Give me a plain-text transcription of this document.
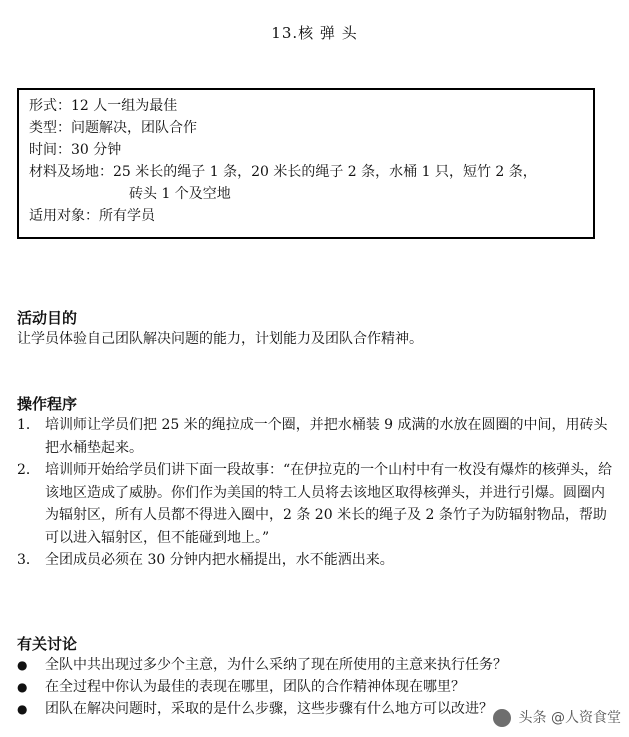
13.核 弹 头
形式：12 人一组为最佳
类型：问题解决，团队合作
时间：30 分钟
材料及场地：25 米长的绳子 1 条，20 米长的绳子 2 条，水桶 1 只，短竹 2 条，
砖头 1 个及空地
适用对象：所有学员
活动目的
让学员体验自己团队解决问题的能力，计划能力及团队合作精神。
操作程序
1． 培训师让学员们把 25 米的绳拉成一个圈，并把水桶装 9 成满的水放在圆圈的中间，用砖头把水桶垫起来。
2． 培训师开始给学员们讲下面一段故事：“在伊拉克的一个山村中有一枚没有爆炸的核弹头，给该地区造成了威胁。你们作为美国的特工人员将去该地区取得核弹头，并进行引爆。圆圈内为辐射区，所有人员都不得进入圈中，2 条 20 米长的绳子及 2 条竹子为防辐射物品，帮助可以进入辐射区，但不能碰到地上。”
3． 全团成员必须在 30 分钟内把水桶提出，水不能洒出来。
有关讨论
● 全队中共出现过多少个主意，为什么采纳了现在所使用的主意来执行任务？
● 在全过程中你认为最佳的表现在哪里，团队的合作精神体现在哪里？
● 团队在解决问题时，采取的是什么步骤，这些步骤有什么地方可以改进？
头条 @人资食堂
